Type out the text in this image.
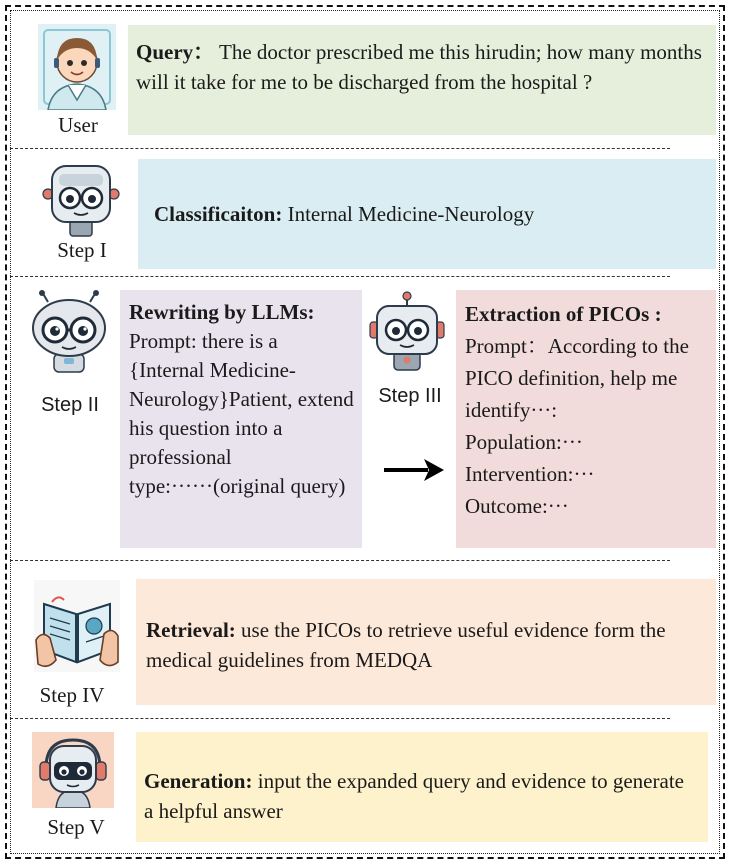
User
Query： The doctor prescribed me this hirudin; how many months will it take for me to be discharged from the hospital ?
Step I
Classificaiton: Internal Medicine-Neurology
Step II
Rewriting by LLMs:
Prompt: there is a {Internal Medicine-Neurology}Patient, extend his question into a professional type:······(original query)
Step III
Extraction of PICOs :
Prompt：According to the PICO definition, help me identify···:
Population:···
Intervention:···
Outcome:···
Step IV
Retrieval: use the PICOs to retrieve useful evidence form the medical guidelines from MEDQA
Step V
Generation: input the expanded query and evidence to generate a helpful answer
